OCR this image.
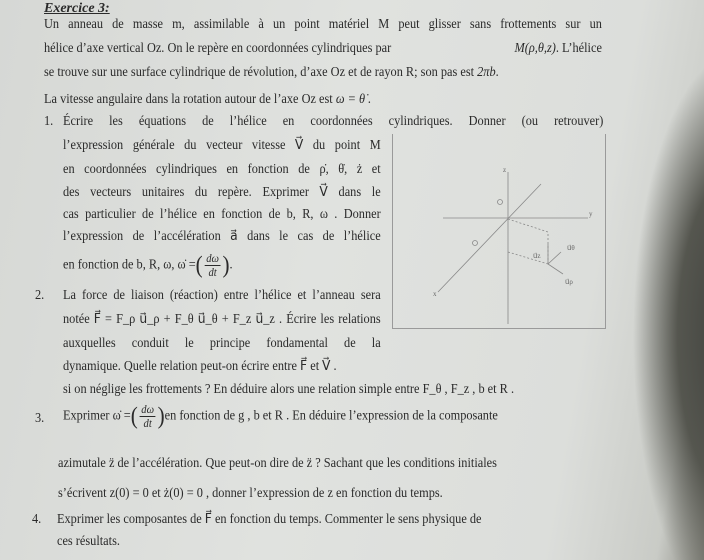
Exercice 3:
Un anneau de masse m, assimilable à un point matériel M peut glisser sans frottements sur un
hélice d’axe vertical Oz. On le repère en coordonnées cylindriques par	M(ρ,θ,z). L’hélice
se trouve sur une surface cylindrique de révolution, d’axe Oz et de rayon R; son pas est 2πb.
La vitesse angulaire dans la rotation autour de l’axe Oz est ω = θ̇ .
1. Écrire les équations de l’hélice en coordonnées cylindriques. Donner (ou retrouver)
l’expression générale du vecteur vitesse V⃗ du point M
en coordonnées cylindriques en fonction de ρ̇, θ̇, ż et
des vecteurs unitaires du repère. Exprimer V⃗ dans le
cas particulier de l’hélice en fonction de b, R, ω . Donner
l’expression de l’accélération a⃗ dans le cas de l’hélice
en fonction de b, R, ω, ω̇ =( $\frac{d\omega}{dt}$ ).
z
y
x
u⃗z
u⃗θ
u⃗ρ
2. La force de liaison (réaction) entre l’hélice et l’anneau sera
notée F⃗ = F_ρ u⃗_ρ + F_θ u⃗_θ + F_z u⃗_z . Écrire les relations
auxquelles conduit le principe fondamental de la
dynamique. Quelle relation peut-on écrire entre F⃗ et V⃗ .
si on néglige les frottements ? En déduire alors une relation simple entre F_θ , F_z , b et R .
3. Exprimer ω̇ =( $\frac{d\omega}{dt} )en$ fonction de g , b et R . En déduire l’expression de la composante
azimutale z̈ de l’accélération. Que peut-on dire de z̈ ? Sachant que les conditions initiales
s’écrivent z(0) = 0 et ż(0) = 0 , donner l’expression de z en fonction du temps.
4. Exprimer les composantes de F⃗ en fonction du temps. Commenter le sens physique de
ces résultats.
